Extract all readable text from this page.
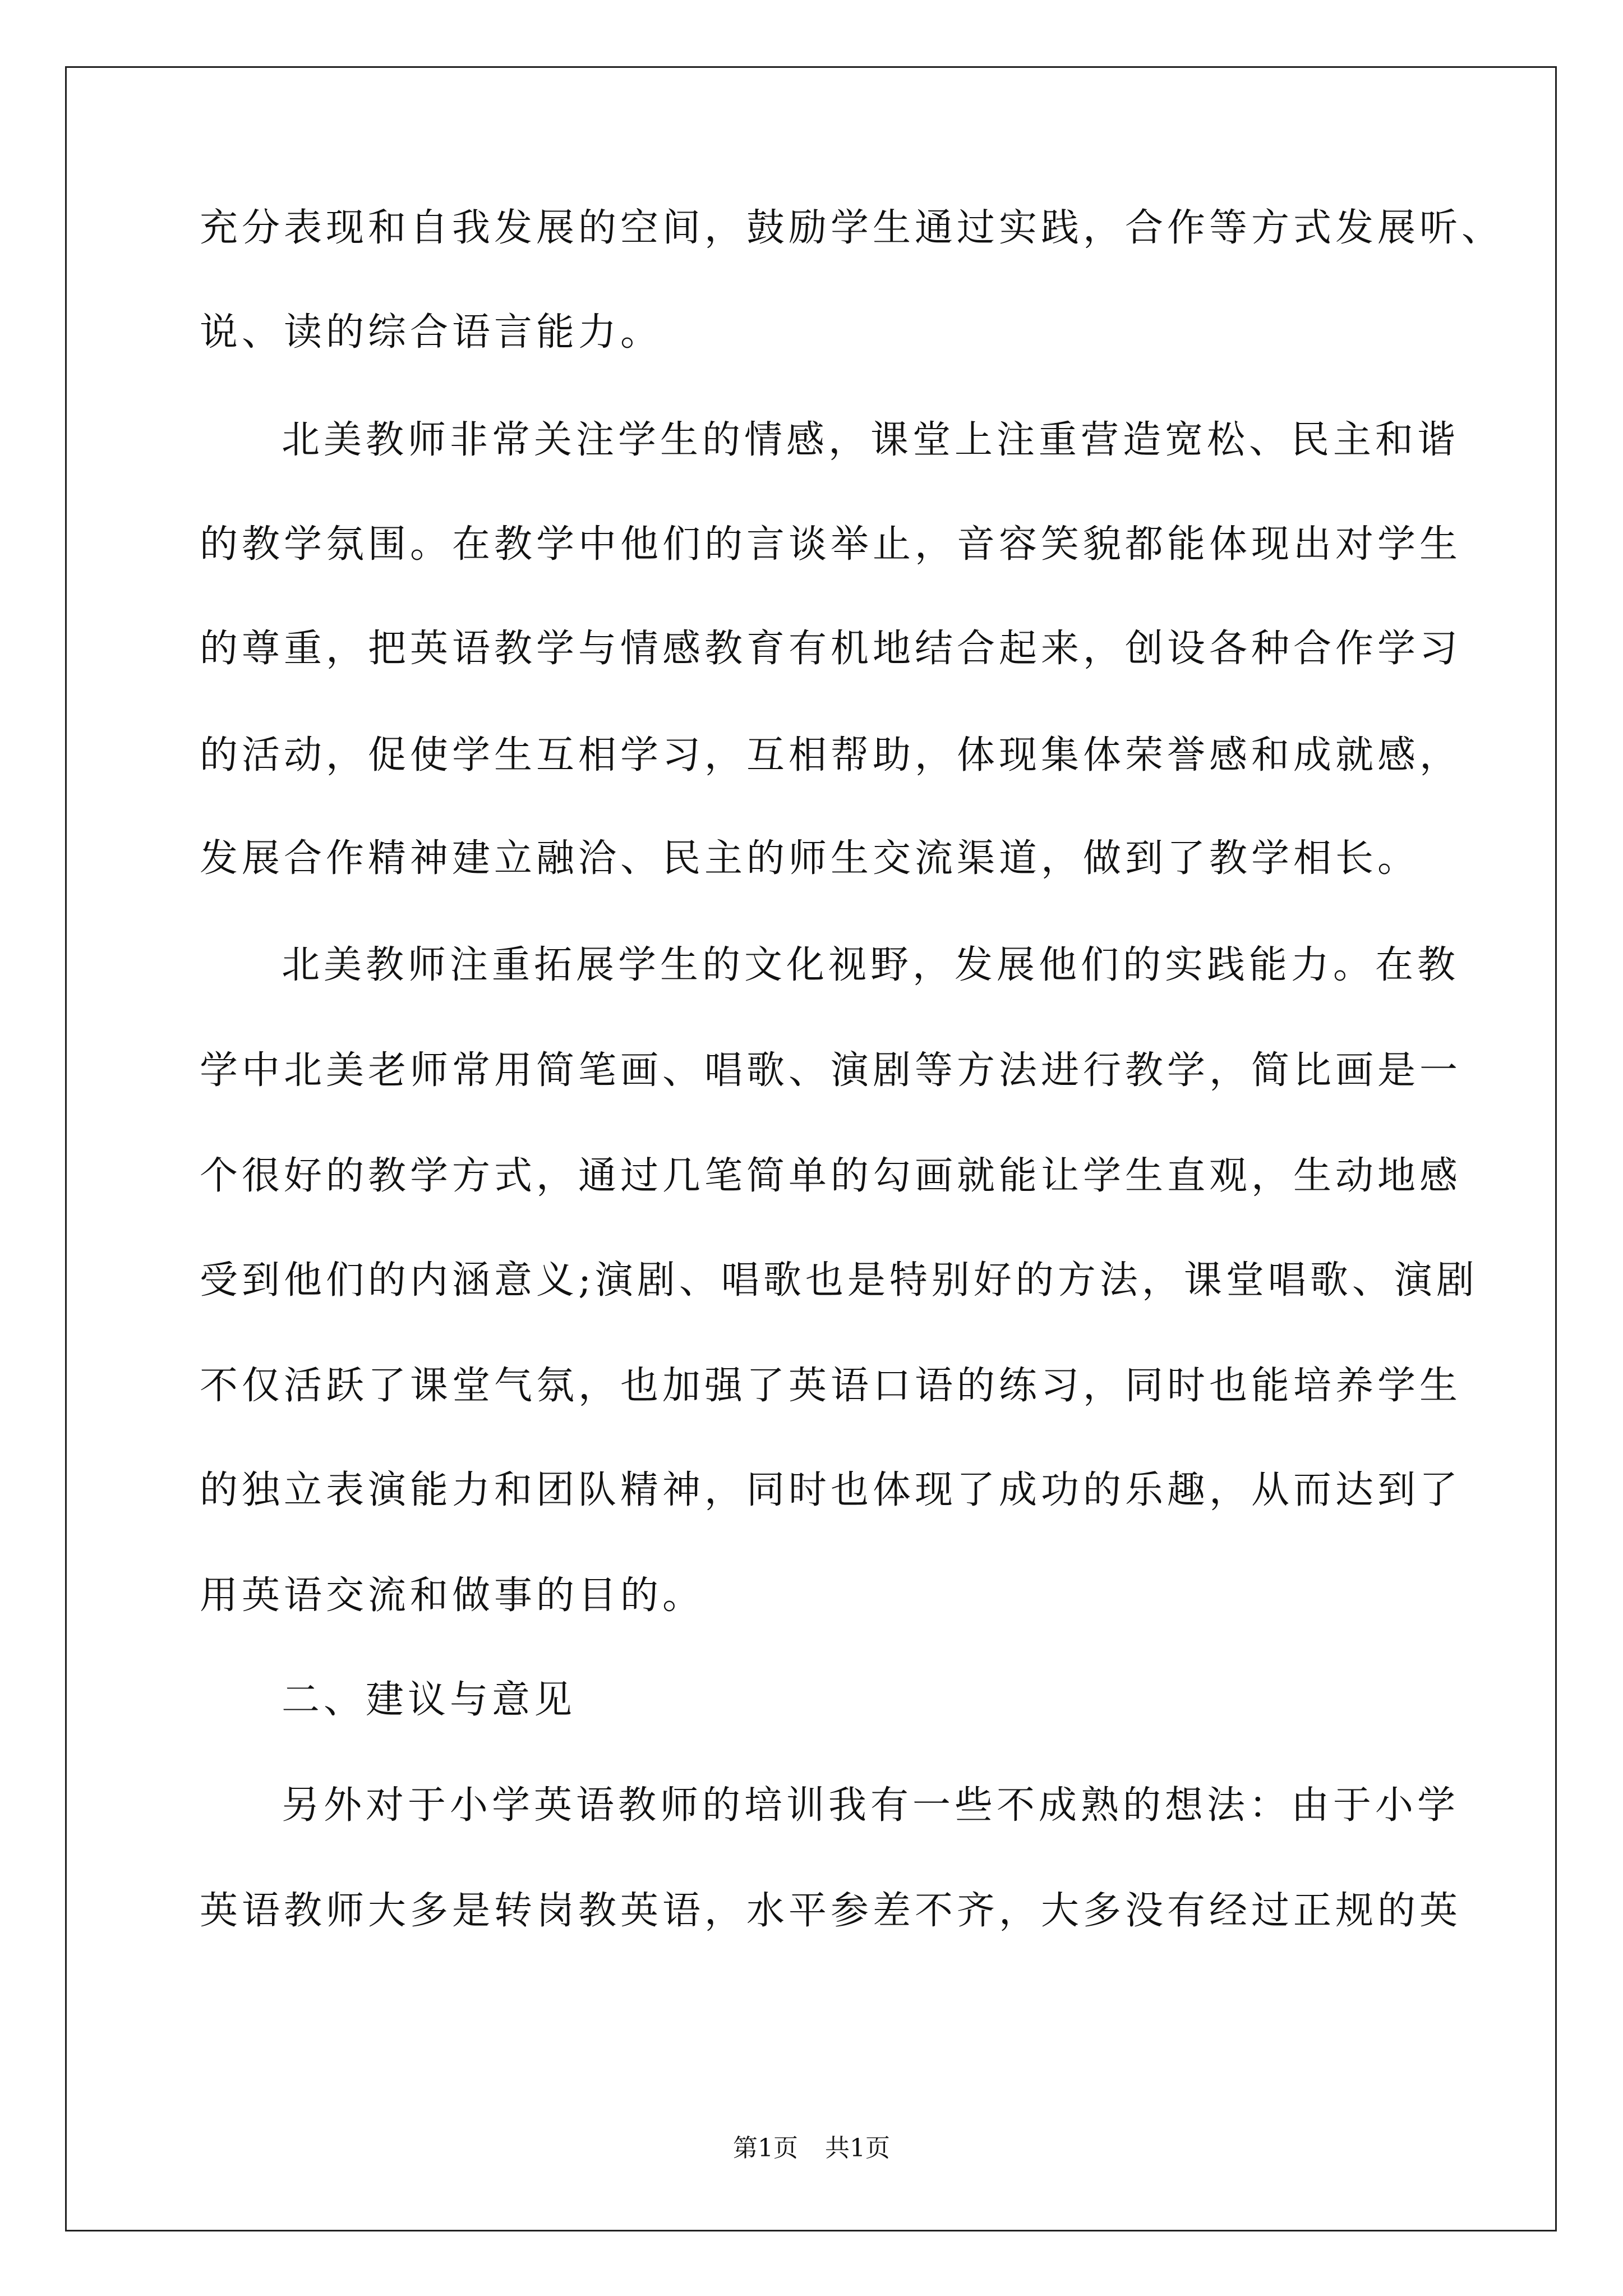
充分表现和自我发展的空间，鼓励学生通过实践，合作等方式发展听、
说、读的综合语言能力。
北美教师非常关注学生的情感，课堂上注重营造宽松、民主和谐
的教学氛围。在教学中他们的言谈举止，音容笑貌都能体现出对学生
的尊重，把英语教学与情感教育有机地结合起来，创设各种合作学习
的活动，促使学生互相学习，互相帮助，体现集体荣誉感和成就感，
发展合作精神建立融洽、民主的师生交流渠道，做到了教学相长。
北美教师注重拓展学生的文化视野，发展他们的实践能力。在教
学中北美老师常用简笔画、唱歌、演剧等方法进行教学，简比画是一
个很好的教学方式，通过几笔简单的勾画就能让学生直观，生动地感
受到他们的内涵意义;演剧、唱歌也是特别好的方法，课堂唱歌、演剧
不仅活跃了课堂气氛，也加强了英语口语的练习，同时也能培养学生
的独立表演能力和团队精神，同时也体现了成功的乐趣，从而达到了
用英语交流和做事的目的。
二、建议与意见
另外对于小学英语教师的培训我有一些不成熟的想法：由于小学
英语教师大多是转岗教英语，水平参差不齐，大多没有经过正规的英
第1页 共1页
